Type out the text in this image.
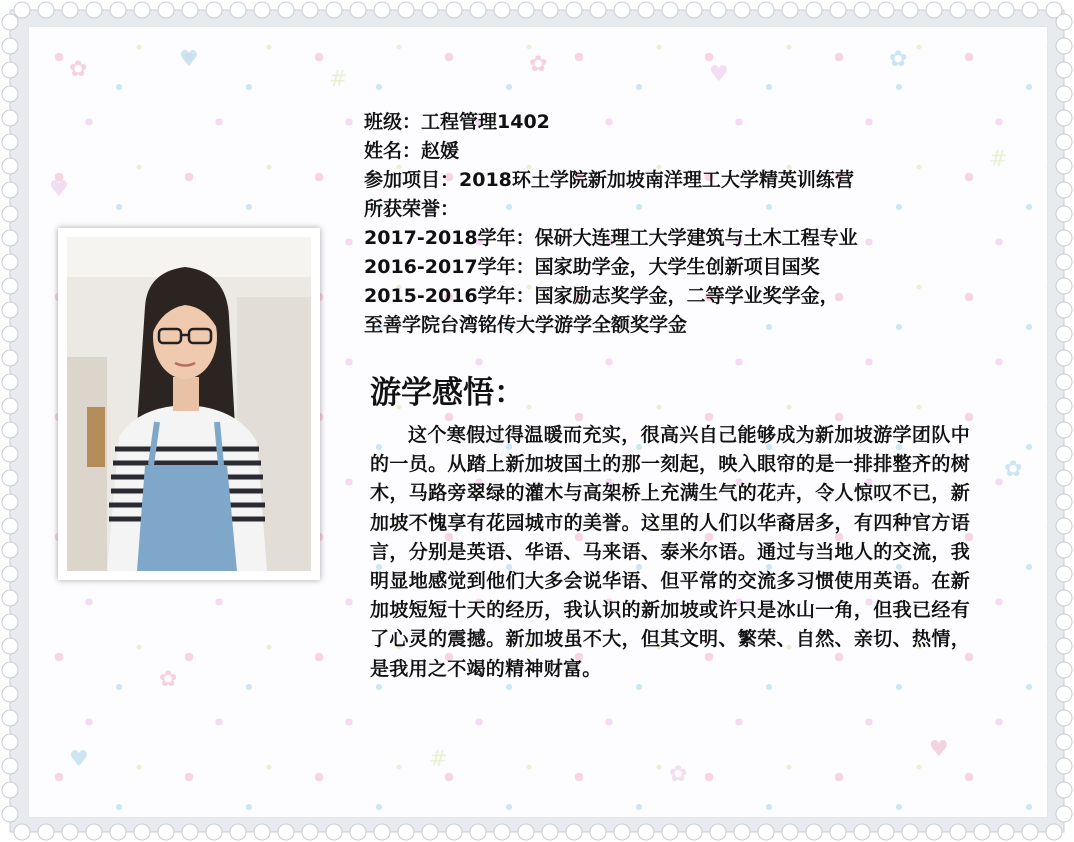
✿	♥
#
✿	♥
✿
#
♥
✿
♥	#
✿
♥
✿
班级：工程管理1402
姓名：赵媛
参加项目：2018环土学院新加坡南洋理工大学精英训练营
所获荣誉：
2017-2018学年：保研大连理工大学建筑与土木工程专业
2016-2017学年：国家助学金，大学生创新项目国奖
2015-2016学年：国家励志奖学金，二等学业奖学金，
至善学院台湾铭传大学游学全额奖学金
游学感悟：
这个寒假过得温暖而充实，很高兴自己能够成为新加坡游学团队中的一员。从踏上新加坡国土的那一刻起，映入眼帘的是一排排整齐的树木，马路旁翠绿的灌木与高架桥上充满生气的花卉，令人惊叹不已，新加坡不愧享有花园城市的美誉。这里的人们以华裔居多，有四种官方语言，分别是英语、华语、马来语、泰米尔语。通过与当地人的交流，我明显地感觉到他们大多会说华语、但平常的交流多习惯使用英语。在新加坡短短十天的经历，我认识的新加坡或许只是冰山一角，但我已经有了心灵的震撼。新加坡虽不大，但其文明、繁荣、自然、亲切、热情，是我用之不竭的精神财富。
